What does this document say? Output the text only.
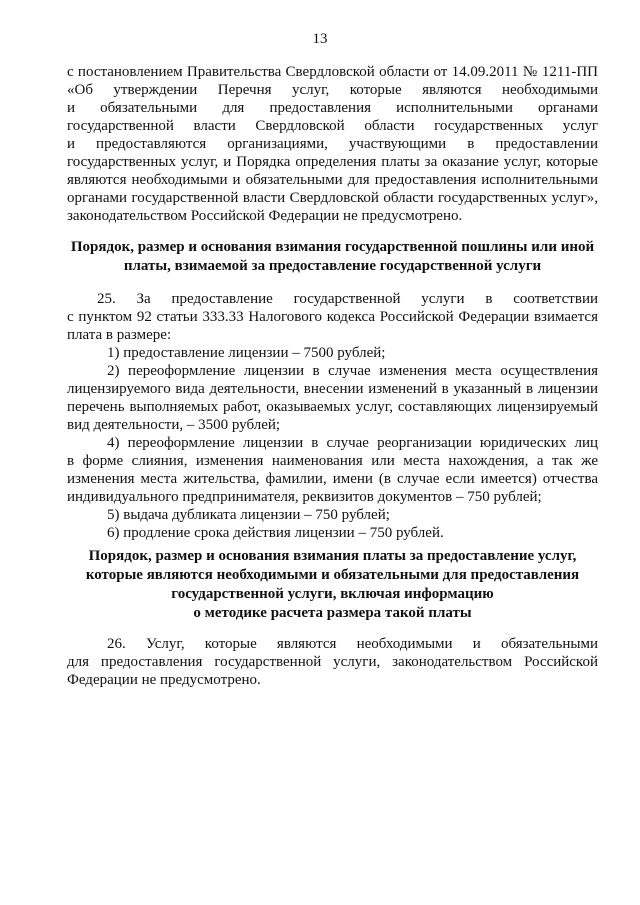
13
с постановлением Правительства Свердловской области от 14.09.2011 № 1211-ПП
«Об утверждении Перечня услуг, которые являются необходимыми
и обязательными для предоставления исполнительными органами
государственной власти Свердловской области государственных услуг
и предоставляются организациями, участвующими в предоставлении
государственных услуг, и Порядка определения платы за оказание услуг, которые
являются необходимыми и обязательными для предоставления исполнительными
органами государственной власти Свердловской области государственных услуг»,
законодательством Российской Федерации не предусмотрено.
Порядок, размер и основания взимания государственной пошлины или иной
платы, взимаемой за предоставление государственной услуги
25. За предоставление государственной услуги в соответствии
с пунктом 92 статьи 333.33 Налогового кодекса Российской Федерации взимается
плата в размере:
1) предоставление лицензии – 7500 рублей;
2) переоформление лицензии в случае изменения места осуществления
лицензируемого вида деятельности, внесении изменений в указанный в лицензии
перечень выполняемых работ, оказываемых услуг, составляющих лицензируемый
вид деятельности, – 3500 рублей;
4) переоформление лицензии в случае реорганизации юридических лиц
в форме слияния, изменения наименования или места нахождения, а так же
изменения места жительства, фамилии, имени (в случае если имеется) отчества
индивидуального предпринимателя, реквизитов документов – 750 рублей;
5) выдача дубликата лицензии – 750 рублей;
6) продление срока действия лицензии – 750 рублей.
Порядок, размер и основания взимания платы за предоставление услуг,
которые являются необходимыми и обязательными для предоставления
государственной услуги, включая информацию
о методике расчета размера такой платы
26. Услуг, которые являются необходимыми и обязательными
для предоставления государственной услуги, законодательством Российской
Федерации не предусмотрено.
